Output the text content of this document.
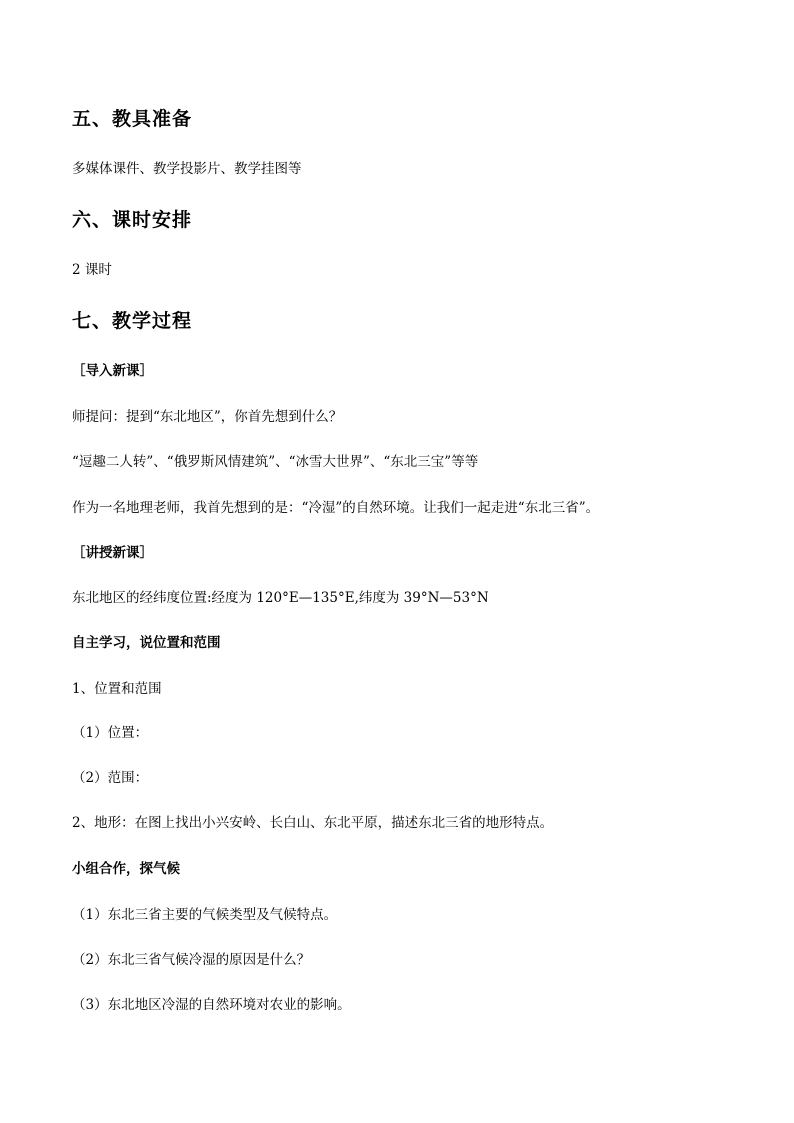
五、教具准备
多媒体课件、教学投影片、教学挂图等
六、课时安排
2 课时
七、教学过程
［导入新课］
师提问：提到“东北地区”，你首先想到什么？
“逗趣二人转”、“俄罗斯风情建筑”、“冰雪大世界”、“东北三宝”等等
作为一名地理老师，我首先想到的是：“冷湿”的自然环境。让我们一起走进“东北三省”。
［讲授新课］
东北地区的经纬度位置:经度为 120°E—135°E,纬度为 39°N—53°N
自主学习，说位置和范围
1、位置和范围
（1）位置：
（2）范围：
2、地形：在图上找出小兴安岭、长白山、东北平原，描述东北三省的地形特点。
小组合作，探气候
（1）东北三省主要的气候类型及气候特点。
（2）东北三省气候冷湿的原因是什么？
（3）东北地区冷湿的自然环境对农业的影响。
